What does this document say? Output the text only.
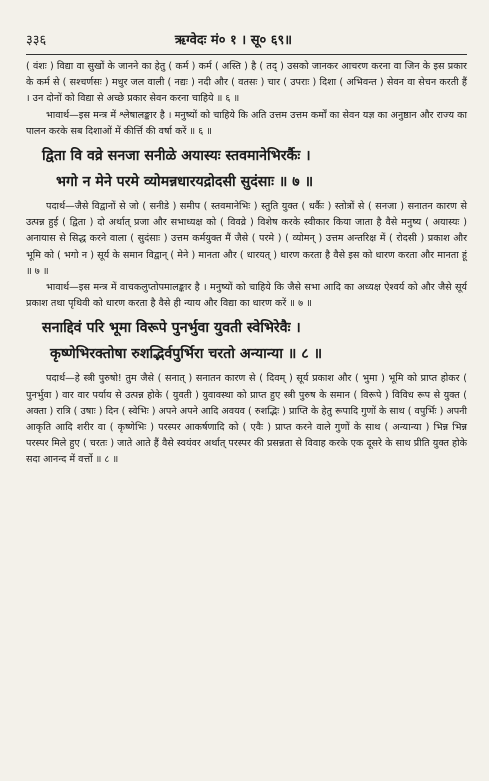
३३६	ऋग्वेदः मं० १ । सू० ६९॥

( वंशः ) विद्या वा सुखों के जानने का हेतु ( कर्म ) कर्म ( अस्ति ) है ( तद् ) उसको जानकर आचरण करना वा जिन के इस प्रकार के कर्म से ( सश्चर्णसः ) मधुर जल वाली ( नद्यः ) नदी और ( वतसः ) चार ( उपराः ) दिशा ( अभिवन्त ) सेवन वा सेचन करती हैं । उन दोनों को विद्या से अच्छे प्रकार सेवन करना चाहिये ॥ ६ ॥

भावार्थ—इस मन्त्र में श्लेषालङ्कार है । मनुष्यों को चाहिये कि अति उत्तम उत्तम कर्मों का सेवन यज्ञ का अनुष्ठान और राज्य का पालन करके सब दिशाओं में कीर्त्ति की वर्षा करें ॥ ६ ॥

द्विता वि वव्रे सनजा सनीळे अयास्यः स्तवमानेभिरर्कैः ।
भगो न मेने परमे व्योमन्नधारयद्रोदसी सुदंसाः ॥ ७ ॥

पदार्थ—जैसे विद्वानों से जो ( सनीडे ) समीप ( स्तवमानेभिः ) स्तुति युक्त ( धर्कैः ) स्तोत्रों से ( सनजा ) सनातन कारण से उत्पन्न हुई ( द्विता ) दो अर्थात् प्रजा और सभाध्यक्ष को ( विवव्रे ) विशेष करके स्वीकार किया जाता है वैसे मनुष्य ( अयास्यः ) अनायास से सिद्ध करने वाला ( सुदंसाः ) उत्तम कर्मयुक्त मैं जैसे ( परमे ) ( व्योमन् ) उत्तम अन्तरिक्ष में ( रोदसी ) प्रकाश और भूमि को ( भगो न ) सूर्य के समान विद्वान् ( मेने ) मानता और ( धारयत् ) धारण करता है वैसे इस को धारण करता और मानता हूं ॥ ७ ॥

भावार्थ—इस मन्त्र में वाचकलुप्तोपमालङ्कार है । मनुष्यों को चाहिये कि जैसे सभा आदि का अध्यक्ष ऐश्वर्य को और जैसे सूर्य प्रकाश तथा पृथिवी को धारण करता है वैसे ही न्याय और विद्या का धारण करें ॥ ७ ॥

सनाद्दिवं परि भूमा विरूपे पुनर्भुवा युवती स्वेभिरेवैः ।
कृष्णेभिरक्तोषा रुशद्भिर्वपुर्भिरा चरतो अन्यान्या ॥ ८ ॥

पदार्थ—हे स्त्री पुरुषो! तुम जैसे ( सनात् ) सनातन कारण से ( दिवम् ) सूर्य प्रकाश और ( भुमा ) भूमि को प्राप्त होकर ( पुनर्भुवा ) वार वार पर्याय से उत्पन्न होके ( युवती ) युवावस्था को प्राप्त हुए स्त्री पुरुष के समान ( विरूपे ) विविध रूप से युक्त ( अक्ता ) रात्रि ( उषाः ) दिन ( स्वेभिः ) अपने अपने आदि अवयव ( रुशद्भिः ) प्राप्ति के हेतु रूपादि गुणों के साथ ( वपुर्भिः ) अपनी आकृति आदि शरीर वा ( कृष्णेभिः ) परस्पर आकर्षणादि को ( एवैः ) प्राप्त करने वाले गुणों के साथ ( अन्यान्या ) भिन्न भिन्न परस्पर मिले हुए ( चरतः ) जाते आते हैं वैसे स्वयंवर अर्थात् परस्पर की प्रसन्नता से विवाह करके एक दूसरे के साथ प्रीति युक्त होके सदा आनन्द में वर्त्तो ॥ ८ ॥
